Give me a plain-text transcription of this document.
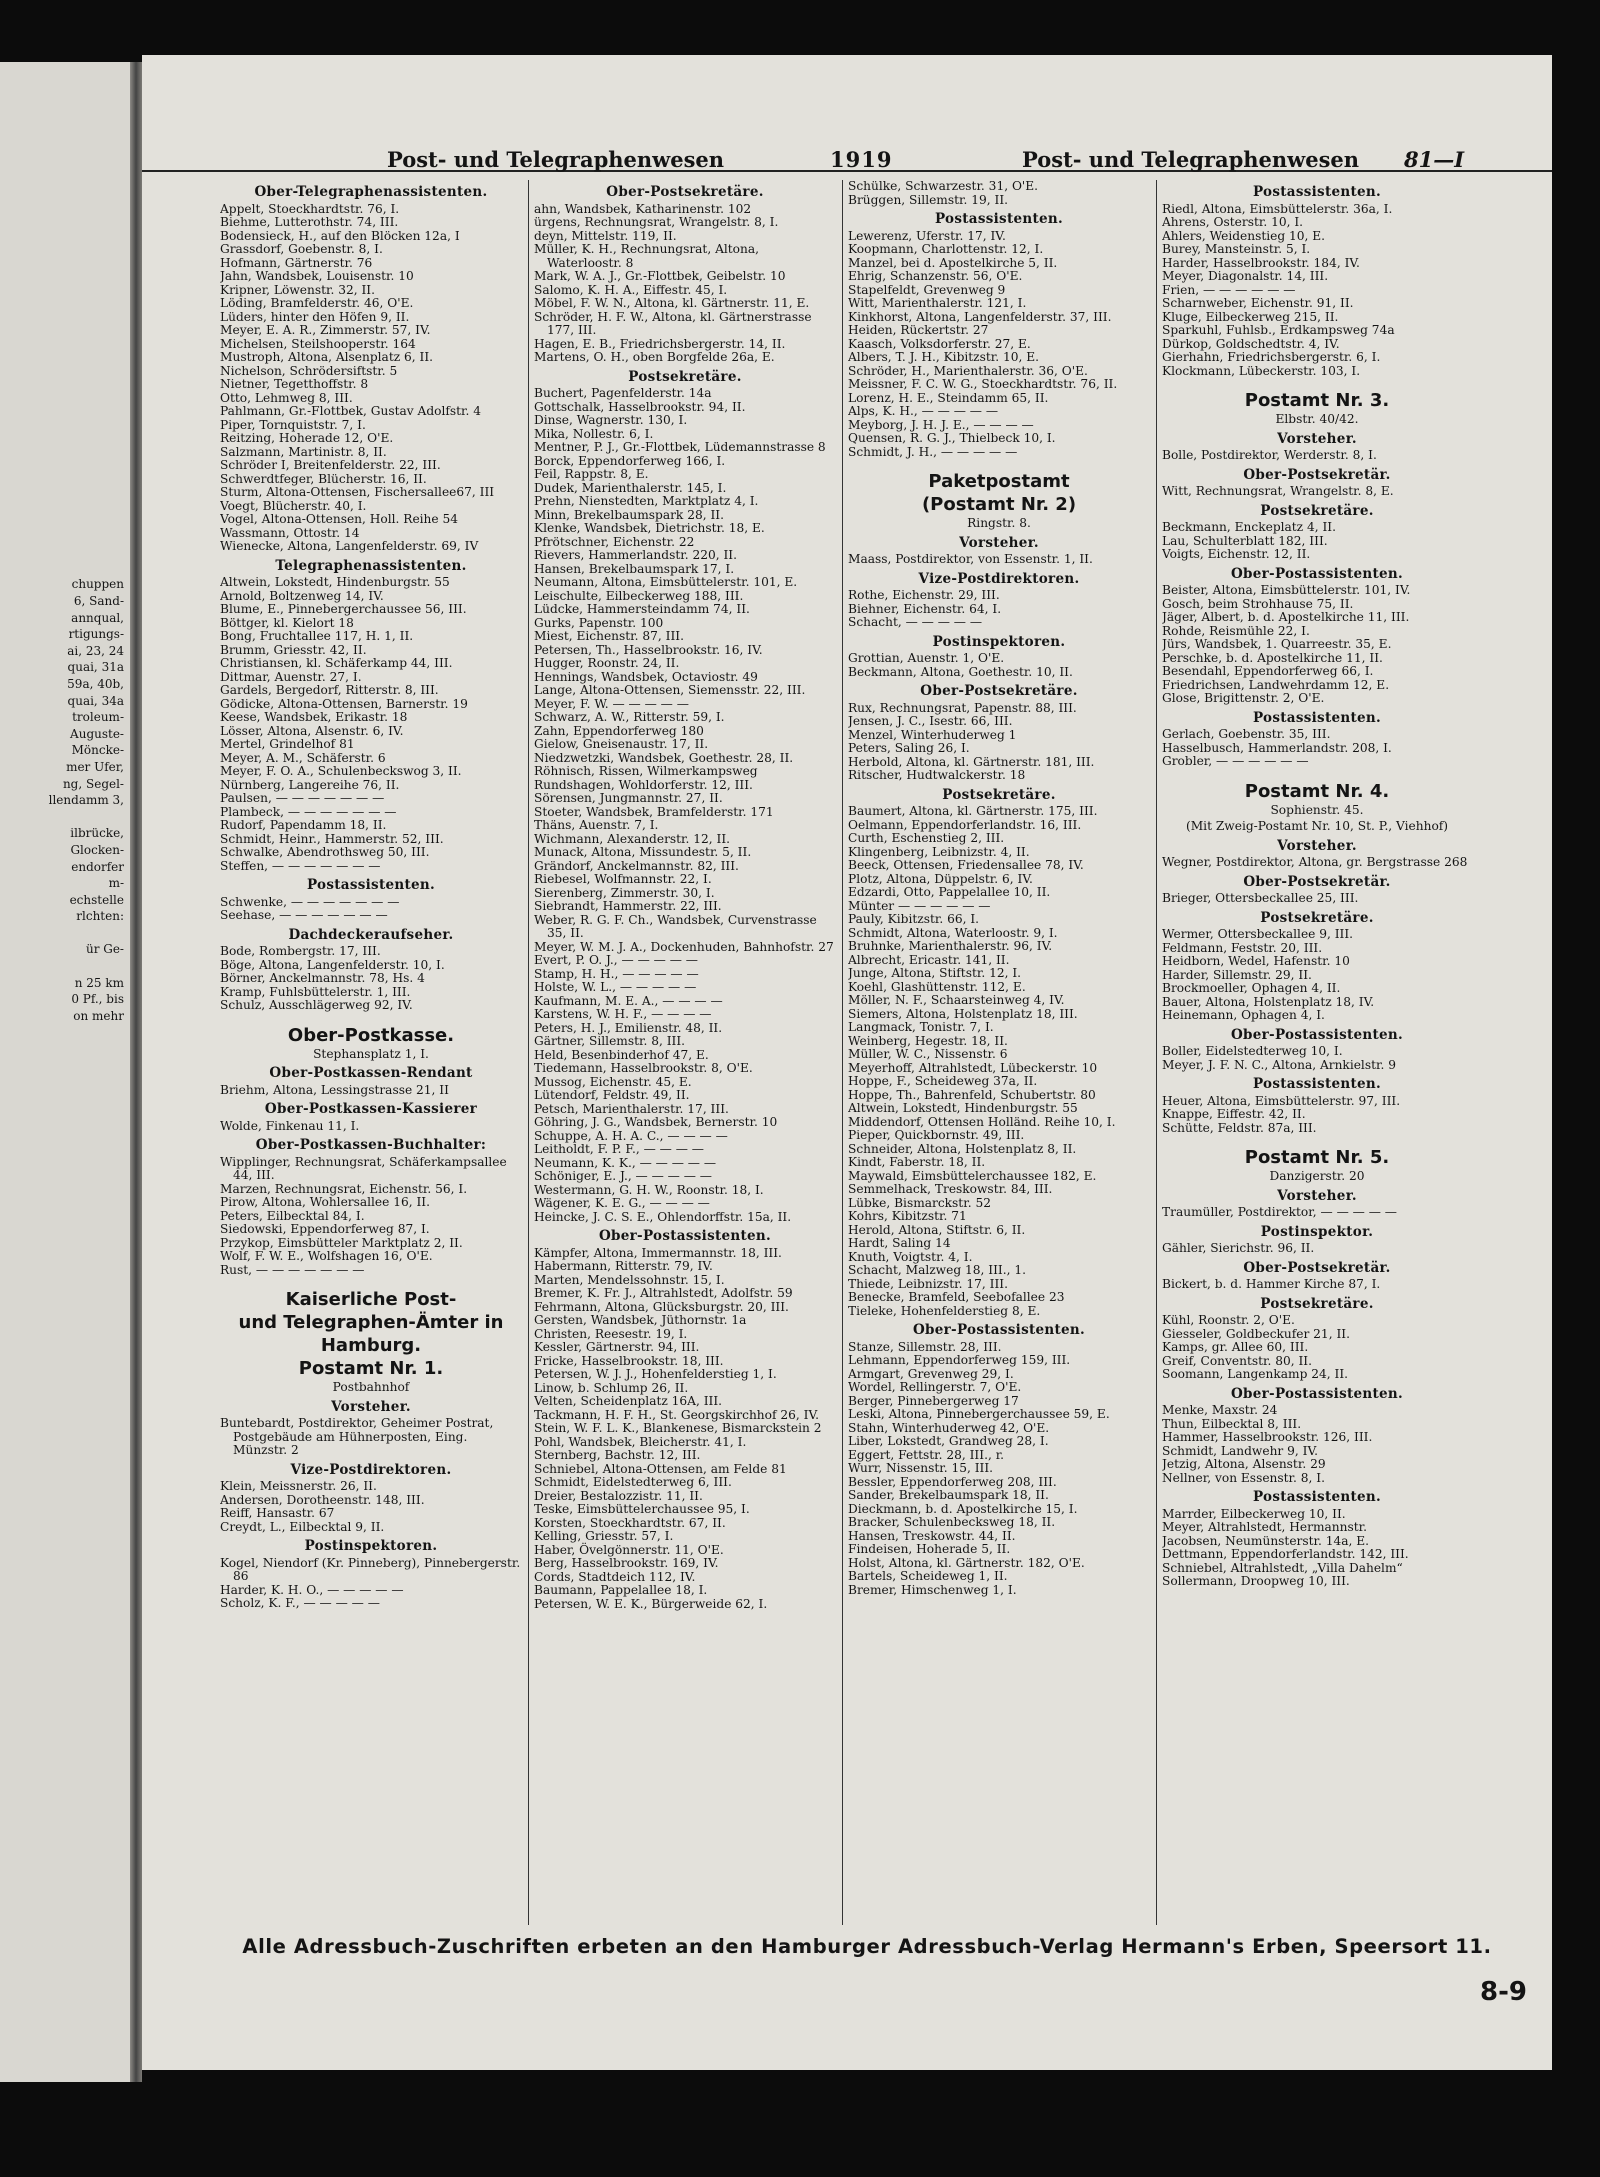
chuppen
6, Sand-
annqual,
rtigungs-
ai, 23, 24
quai, 31a
59a, 40b,
quai, 34a
troleum-
Auguste-
Mönckе-
mer Ufer,
ng, Segel-
llendamm 3,
ilbrücke,
Glocken-
endorfer
m-
echstelle
rlchten:
ür Ge-
n 25 km
0 Pf., bis
on mehr
Post- und Telegraphenwesen	1919	Post- und Telegraphenwesen 81—I
Ober-Telegraphenassistenten.
Appelt, Stoeckhardtstr. 76, I.
Biehme, Lutterothstr. 74, III.
Bodensieck, H., auf den Blöcken 12a, I
Grassdorf, Goebenstr. 8, I.
Hofmann, Gärtnerstr. 76
Jahn, Wandsbek, Louisenstr. 10
Kripner, Löwenstr. 32, II.
Löding, Bramfelderstr. 46, O'E.
Lüders, hinter den Höfen 9, II.
Meyer, E. A. R., Zimmerstr. 57, IV.
Michelsen, Steilshooperstr. 164
Mustroph, Altona, Alsenplatz 6, II.
Nichelson, Schrödersiftstr. 5
Nietner, Tegetthoffstr. 8
Otto, Lehmweg 8, III.
Pahlmann, Gr.-Flottbek, Gustav Adolfstr. 4
Piper, Tornquiststr. 7, I.
Reitzing, Hoherade 12, O'E.
Salzmann, Martinistr. 8, II.
Schröder I, Breitenfelderstr. 22, III.
Schwerdtfeger, Blücherstr. 16, II.
Sturm, Altona-Ottensen, Fischersallee67, III
Voegt, Blücherstr. 40, I.
Vogel, Altona-Ottensen, Holl. Reihe 54
Wassmann, Ottostr. 14
Wienecke, Altona, Langenfelderstr. 69, IV
Telegraphenassistenten.
Altwein, Lokstedt, Hindenburgstr. 55
Arnold, Boltzenweg 14, IV.
Blume, E., Pinnebergerchaussee 56, III.
Böttger, kl. Kielort 18
Bong, Fruchtallee 117, H. 1, II.
Brumm, Griesstr. 42, II.
Christiansen, kl. Schäferkamp 44, III.
Dittmar, Auenstr. 27, I.
Gardels, Bergedorf, Ritterstr. 8, III.
Gödicke, Altona-Ottensen, Barnerstr. 19
Keese, Wandsbek, Erikastr. 18
Lösser, Altona, Alsenstr. 6, IV.
Mertel, Grindelhof 81
Meyer, A. M., Schäferstr. 6
Meyer, F. O. A., Schulenbeckswog 3, II.
Nürnberg, Langereihe 76, II.
Paulsen, — — — — — — —
Plambeck, — — — — — — —
Rudorf, Papendamm 18, II.
Schmidt, Heinr., Hammerstr. 52, III.
Schwalke, Abendrothsweg 50, III.
Steffen, — — — — — — —
Postassistenten.
Schwenke, — — — — — — —
Seehase, — — — — — — —
Dachdeckeraufseher.
Bode, Rombergstr. 17, III.
Böge, Altona, Langenfelderstr. 10, I.
Börner, Anckelmannstr. 78, Hs. 4
Kramp, Fuhlsbüttelerstr. 1, III.
Schulz, Ausschlägerweg 92, IV.
Ober-Postkasse.
Stephansplatz 1, I.
Ober-Postkassen-Rendant
Briehm, Altona, Lessingstrasse 21, II
Ober-Postkassen-Kassierer
Wolde, Finkenau 11, I.
Ober-Postkassen-Buchhalter:
Wipplinger, Rechnungsrat, Schäferkampsallee 44, III.
Marzen, Rechnungsrat, Eichenstr. 56, I.
Pirow, Altona, Wohlersallee 16, II.
Peters, Eilbecktal 84, I.
Siedowski, Eppendorferweg 87, I.
Przykop, Eimsbütteler Marktplatz 2, II.
Wolf, F. W. E., Wolfshagen 16, O'E.
Rust, — — — — — — —
Kaiserliche Post-
und Telegraphen-Ämter in
Hamburg.
Postamt Nr. 1.
Postbahnhof
Vorsteher.
Buntebardt, Postdirektor, Geheimer Postrat, Postgebäude am Hühnerposten, Eing. Münzstr. 2
Vize-Postdirektoren.
Klein, Meissnerstr. 26, II.
Andersen, Dorotheenstr. 148, III.
Reiff, Hansastr. 67
Creydt, L., Eilbecktal 9, II.
Postinspektoren.
Kogel, Niendorf (Kr. Pinneberg), Pinnebergerstr. 86
Harder, K. H. O., — — — — —
Scholz, K. F., — — — — —
Ober-Postsekretäre.
ahn, Wandsbek, Katharinenstr. 102
ürgens, Rechnungsrat, Wrangelstr. 8, I.
deyn, Mittelstr. 119, II.
Müller, K. H., Rechnungsrat, Altona, Waterloostr. 8
Mark, W. A. J., Gr.-Flottbek, Geibelstr. 10
Salomo, K. H. A., Eiffestr. 45, I.
Möbel, F. W. N., Altona, kl. Gärtnerstr. 11, E.
Schröder, H. F. W., Altona, kl. Gärtnerstrasse 177, III.
Hagen, E. B., Friedrichsbergerstr. 14, II.
Martens, O. H., oben Borgfelde 26a, E.
Postsekretäre.
Buchert, Pagenfelderstr. 14a
Gottschalk, Hasselbrookstr. 94, II.
Dinse, Wagnerstr. 130, I.
Mika, Nollestr. 6, I.
Mentner, P. J., Gr.-Flottbek, Lüdemannstrasse 8
Borck, Eppendorferweg 166, I.
Feil, Rappstr. 8, E.
Dudek, Marienthalerstr. 145, I.
Prehn, Nienstedten, Marktplatz 4, I.
Minn, Brekelbaumspark 28, II.
Klenke, Wandsbek, Dietrichstr. 18, E.
Pfrötschner, Eichenstr. 22
Rievers, Hammerlandstr. 220, II.
Hansen, Brekelbaumspark 17, I.
Neumann, Altona, Eimsbüttelerstr. 101, E.
Leischulte, Eilbeckerweg 188, III.
Lüdcke, Hammersteindamm 74, II.
Gurks, Papenstr. 100
Miest, Eichenstr. 87, III.
Petersen, Th., Hasselbrookstr. 16, IV.
Hugger, Roonstr. 24, II.
Hennings, Wandsbek, Octaviostr. 49
Lange, Altona-Ottensen, Siemensstr. 22, III.
Meyer, F. W. — — — — —
Schwarz, A. W., Ritterstr. 59, I.
Zahn, Eppendorferweg 180
Gielow, Gneisenaustr. 17, II.
Niedzwetzki, Wandsbek, Goethestr. 28, II.
Röhnisch, Rissen, Wilmerkampsweg
Rundshagen, Wohldorferstr. 12, III.
Sörensen, Jungmannstr. 27, II.
Stoeter, Wandsbek, Bramfelderstr. 171
Thäns, Auenstr. 7, I.
Wichmann, Alexanderstr. 12, II.
Munack, Altona, Missundestr. 5, II.
Grändorf, Anckelmannstr. 82, III.
Riebesel, Wolfmannstr. 22, I.
Sierenberg, Zimmerstr. 30, I.
Siebrandt, Hammerstr. 22, III.
Weber, R. G. F. Ch., Wandsbek, Curvenstrasse 35, II.
Meyer, W. M. J. A., Dockenhuden, Bahnhofstr. 27
Evert, P. O. J., — — — — —
Stamp, H. H., — — — — —
Holste, W. L., — — — — —
Kaufmann, M. E. A., — — — —
Karstens, W. H. F., — — — —
Peters, H. J., Emilienstr. 48, II.
Gärtner, Sillemstr. 8, III.
Held, Besenbinderhof 47, E.
Tiedemann, Hasselbrookstr. 8, O'E.
Mussog, Eichenstr. 45, E.
Lütendorf, Feldstr. 49, II.
Petsch, Marienthalerstr. 17, III.
Göhring, J. G., Wandsbek, Bernerstr. 10
Schuppe, A. H. A. C., — — — —
Leitholdt, F. P. F., — — — —
Neumann, K. K., — — — — —
Schöniger, E. J., — — — — —
Westermann, G. H. W., Roonstr. 18, I.
Wägener, K. E. G., — — — —
Heincke, J. C. S. E., Ohlendorffstr. 15a, II.
Ober-Postassistenten.
Kämpfer, Altona, Immermannstr. 18, III.
Habermann, Ritterstr. 79, IV.
Marten, Mendelssohnstr. 15, I.
Bremer, K. Fr. J., Altrahlstedt, Adolfstr. 59
Fehrmann, Altona, Glücksburgstr. 20, III.
Gersten, Wandsbek, Jüthornstr. 1a
Christen, Reesestr. 19, I.
Kessler, Gärtnerstr. 94, III.
Fricke, Hasselbrookstr. 18, III.
Petersen, W. J. J., Hohenfelderstieg 1, I.
Linow, b. Schlump 26, II.
Velten, Scheidenplatz 16A, III.
Tackmann, H. F. H., St. Georgskirchhof 26, IV.
Stein, W. F. L. K., Blankenese, Bismarckstein 2
Pohl, Wandsbek, Bleicherstr. 41, I.
Sternberg, Bachstr. 12, III.
Schniebel, Altona-Ottensen, am Felde 81
Schmidt, Eidelstedterweg 6, III.
Dreier, Bestalozzistr. 11, II.
Teske, Eimsbüttelerchaussee 95, I.
Korsten, Stoeckhardtstr. 67, II.
Kelling, Griesstr. 57, I.
Haber, Övelgönnerstr. 11, O'E.
Berg, Hasselbrookstr. 169, IV.
Cords, Stadtdeich 112, IV.
Baumann, Pappelallee 18, I.
Petersen, W. E. K., Bürgerweide 62, I.
Schülke, Schwarzestr. 31, O'E.
Brüggen, Sillemstr. 19, II.
Postassistenten.
Lewerenz, Uferstr. 17, IV.
Koopmann, Charlottenstr. 12, I.
Manzel, bei d. Apostelkirche 5, II.
Ehrig, Schanzenstr. 56, O'E.
Stapelfeldt, Grevenweg 9
Witt, Marienthalerstr. 121, I.
Kinkhorst, Altona, Langenfelderstr. 37, III.
Heiden, Rückertstr. 27
Kaasch, Volksdorferstr. 27, E.
Albers, T. J. H., Kibitzstr. 10, E.
Schröder, H., Marienthalerstr. 36, O'E.
Meissner, F. C. W. G., Stoeckhardtstr. 76, II.
Lorenz, H. E., Steindamm 65, II.
Alps, K. H., — — — — —
Meyborg, J. H. J. E., — — — —
Quensen, R. G. J., Thielbeck 10, I.
Schmidt, J. H., — — — — —
Paketpostamt
(Postamt Nr. 2)
Ringstr. 8.
Vorsteher.
Maass, Postdirektor, von Essenstr. 1, II.
Vize-Postdirektoren.
Rothe, Eichenstr. 29, III.
Biehner, Eichenstr. 64, I.
Schacht, — — — — —
Postinspektoren.
Grottian, Auenstr. 1, O'E.
Beckmann, Altona, Goethestr. 10, II.
Ober-Postsekretäre.
Rux, Rechnungsrat, Papenstr. 88, III.
Jensen, J. C., Isestr. 66, III.
Menzel, Winterhuderweg 1
Peters, Saling 26, I.
Herbold, Altona, kl. Gärtnerstr. 181, III.
Ritscher, Hudtwalckerstr. 18
Postsekretäre.
Baumert, Altona, kl. Gärtnerstr. 175, III.
Oelmann, Eppendorferlandstr. 16, III.
Curth, Eschenstieg 2, III.
Klingenberg, Leibnizstr. 4, II.
Beeck, Ottensen, Friedensallee 78, IV.
Plotz, Altona, Düppelstr. 6, IV.
Edzardi, Otto, Pappelallee 10, II.
Münter — — — — — —
Pauly, Kibitzstr. 66, I.
Schmidt, Altona, Waterloostr. 9, I.
Bruhnke, Marienthalerstr. 96, IV.
Albrecht, Ericastr. 141, II.
Junge, Altona, Stiftstr. 12, I.
Koehl, Glashüttenstr. 112, E.
Möller, N. F., Schaarsteinweg 4, IV.
Siemers, Altona, Holstenplatz 18, III.
Langmack, Tonistr. 7, I.
Weinberg, Hegestr. 18, II.
Müller, W. C., Nissenstr. 6
Meyerhoff, Altrahlstedt, Lübeckerstr. 10
Hoppe, F., Scheideweg 37a, II.
Hoppe, Th., Bahrenfeld, Schubertstr. 80
Altwein, Lokstedt, Hindenburgstr. 55
Middendorf, Ottensen Holländ. Reihe 10, I.
Pieper, Quickbornstr. 49, III.
Schneider, Altona, Holstenplatz 8, II.
Kindt, Faberstr. 18, II.
Maywald, Eimsbüttelerchaussee 182, E.
Semmelhack, Treskowstr. 84, III.
Lübke, Bismarckstr. 52
Kohrs, Kibitzstr. 71
Herold, Altona, Stiftstr. 6, II.
Hardt, Saling 14
Knuth, Voigtstr. 4, I.
Schacht, Malzweg 18, III., 1.
Thiede, Leibnizstr. 17, III.
Benecke, Bramfeld, Seebofallee 23
Tieleke, Hohenfelderstieg 8, E.
Ober-Postassistenten.
Stanze, Sillemstr. 28, III.
Lehmann, Eppendorferweg 159, III.
Armgart, Grevenweg 29, I.
Wordel, Rellingerstr. 7, O'E.
Berger, Pinnebergerweg 17
Leski, Altona, Pinnebergerchaussee 59, E.
Stahn, Winterhuderweg 42, O'E.
Liber, Lokstedt, Grandweg 28, I.
Eggert, Fettstr. 28, III., r.
Wurr, Nissenstr. 15, III.
Bessler, Eppendorferweg 208, III.
Sander, Brekelbaumspark 18, II.
Dieckmann, b. d. Apostelkirche 15, I.
Bracker, Schulenbecksweg 18, II.
Hansen, Treskowstr. 44, II.
Findeisen, Hoherade 5, II.
Holst, Altona, kl. Gärtnerstr. 182, O'E.
Bartels, Scheideweg 1, II.
Bremer, Himschenweg 1, I.
Postassistenten.
Riedl, Altona, Eimsbüttelerstr. 36a, I.
Ahrens, Osterstr. 10, I.
Ahlers, Weidenstieg 10, E.
Burey, Mansteinstr. 5, I.
Harder, Hasselbrookstr. 184, IV.
Meyer, Diagonalstr. 14, III.
Frien, — — — — — —
Scharnweber, Eichenstr. 91, II.
Kluge, Eilbeckerweg 215, II.
Sparkuhl, Fuhlsb., Erdkampsweg 74a
Dürkop, Goldschedtstr. 4, IV.
Gierhahn, Friedrichsbergerstr. 6, I.
Klockmann, Lübeckerstr. 103, I.
Postamt Nr. 3.
Elbstr. 40/42.
Vorsteher.
Bolle, Postdirektor, Werderstr. 8, I.
Ober-Postsekretär.
Witt, Rechnungsrat, Wrangelstr. 8, E.
Postsekretäre.
Beckmann, Enckeplatz 4, II.
Lau, Schulterblatt 182, III.
Voigts, Eichenstr. 12, II.
Ober-Postassistenten.
Beister, Altona, Eimsbüttelerstr. 101, IV.
Gosch, beim Strohhause 75, II.
Jäger, Albert, b. d. Apostelkirche 11, III.
Rohde, Reismühle 22, I.
Jürs, Wandsbek, 1. Quarreestr. 35, E.
Perschke, b. d. Apostelkirche 11, II.
Besendahl, Eppendorferweg 66, I.
Friedrichsen, Landwehrdamm 12, E.
Glose, Brigittenstr. 2, O'E.
Postassistenten.
Gerlach, Goebenstr. 35, III.
Hasselbusch, Hammerlandstr. 208, I.
Grobler, — — — — — —
Postamt Nr. 4.
Sophienstr. 45.
(Mit Zweig-Postamt Nr. 10, St. P., Viehhof)
Vorsteher.
Wegner, Postdirektor, Altona, gr. Bergstrasse 268
Ober-Postsekretär.
Brieger, Ottersbeckallee 25, III.
Postsekretäre.
Wermer, Ottersbeckallee 9, III.
Feldmann, Feststr. 20, III.
Heidborn, Wedel, Hafenstr. 10
Harder, Sillemstr. 29, II.
Brockmoeller, Ophagen 4, II.
Bauer, Altona, Holstenplatz 18, IV.
Heinemann, Ophagen 4, I.
Ober-Postassistenten.
Boller, Eidelstedterweg 10, I.
Meyer, J. F. N. C., Altona, Arnkielstr. 9
Postassistenten.
Heuer, Altona, Eimsbüttelerstr. 97, III.
Knappe, Eiffestr. 42, II.
Schütte, Feldstr. 87a, III.
Postamt Nr. 5.
Danzigerstr. 20
Vorsteher.
Traumüller, Postdirektor, — — — — —
Postinspektor.
Gähler, Sierichstr. 96, II.
Ober-Postsekretär.
Bickert, b. d. Hammer Kirche 87, I.
Postsekretäre.
Kühl, Roonstr. 2, O'E.
Giesseler, Goldbeckufer 21, II.
Kamps, gr. Allee 60, III.
Greif, Conventstr. 80, II.
Soomann, Langenkamp 24, II.
Ober-Postassistenten.
Menke, Maxstr. 24
Thun, Eilbecktal 8, III.
Hammer, Hasselbrookstr. 126, III.
Schmidt, Landwehr 9, IV.
Jetzig, Altona, Alsenstr. 29
Nellner, von Essenstr. 8, I.
Postassistenten.
Marrder, Eilbeckerweg 10, II.
Meyer, Altrahlstedt, Hermannstr.
Jacobsen, Neumünsterstr. 14a, E.
Dettmann, Eppendorferlandstr. 142, III.
Schniebel, Altrahlstedt, „Villa Dahelm“
Sollermann, Droopweg 10, III.
Alle Adressbuch-Zuschriften erbeten an den Hamburger Adressbuch-Verlag Hermann's Erben, Speersort 11.
8-9
